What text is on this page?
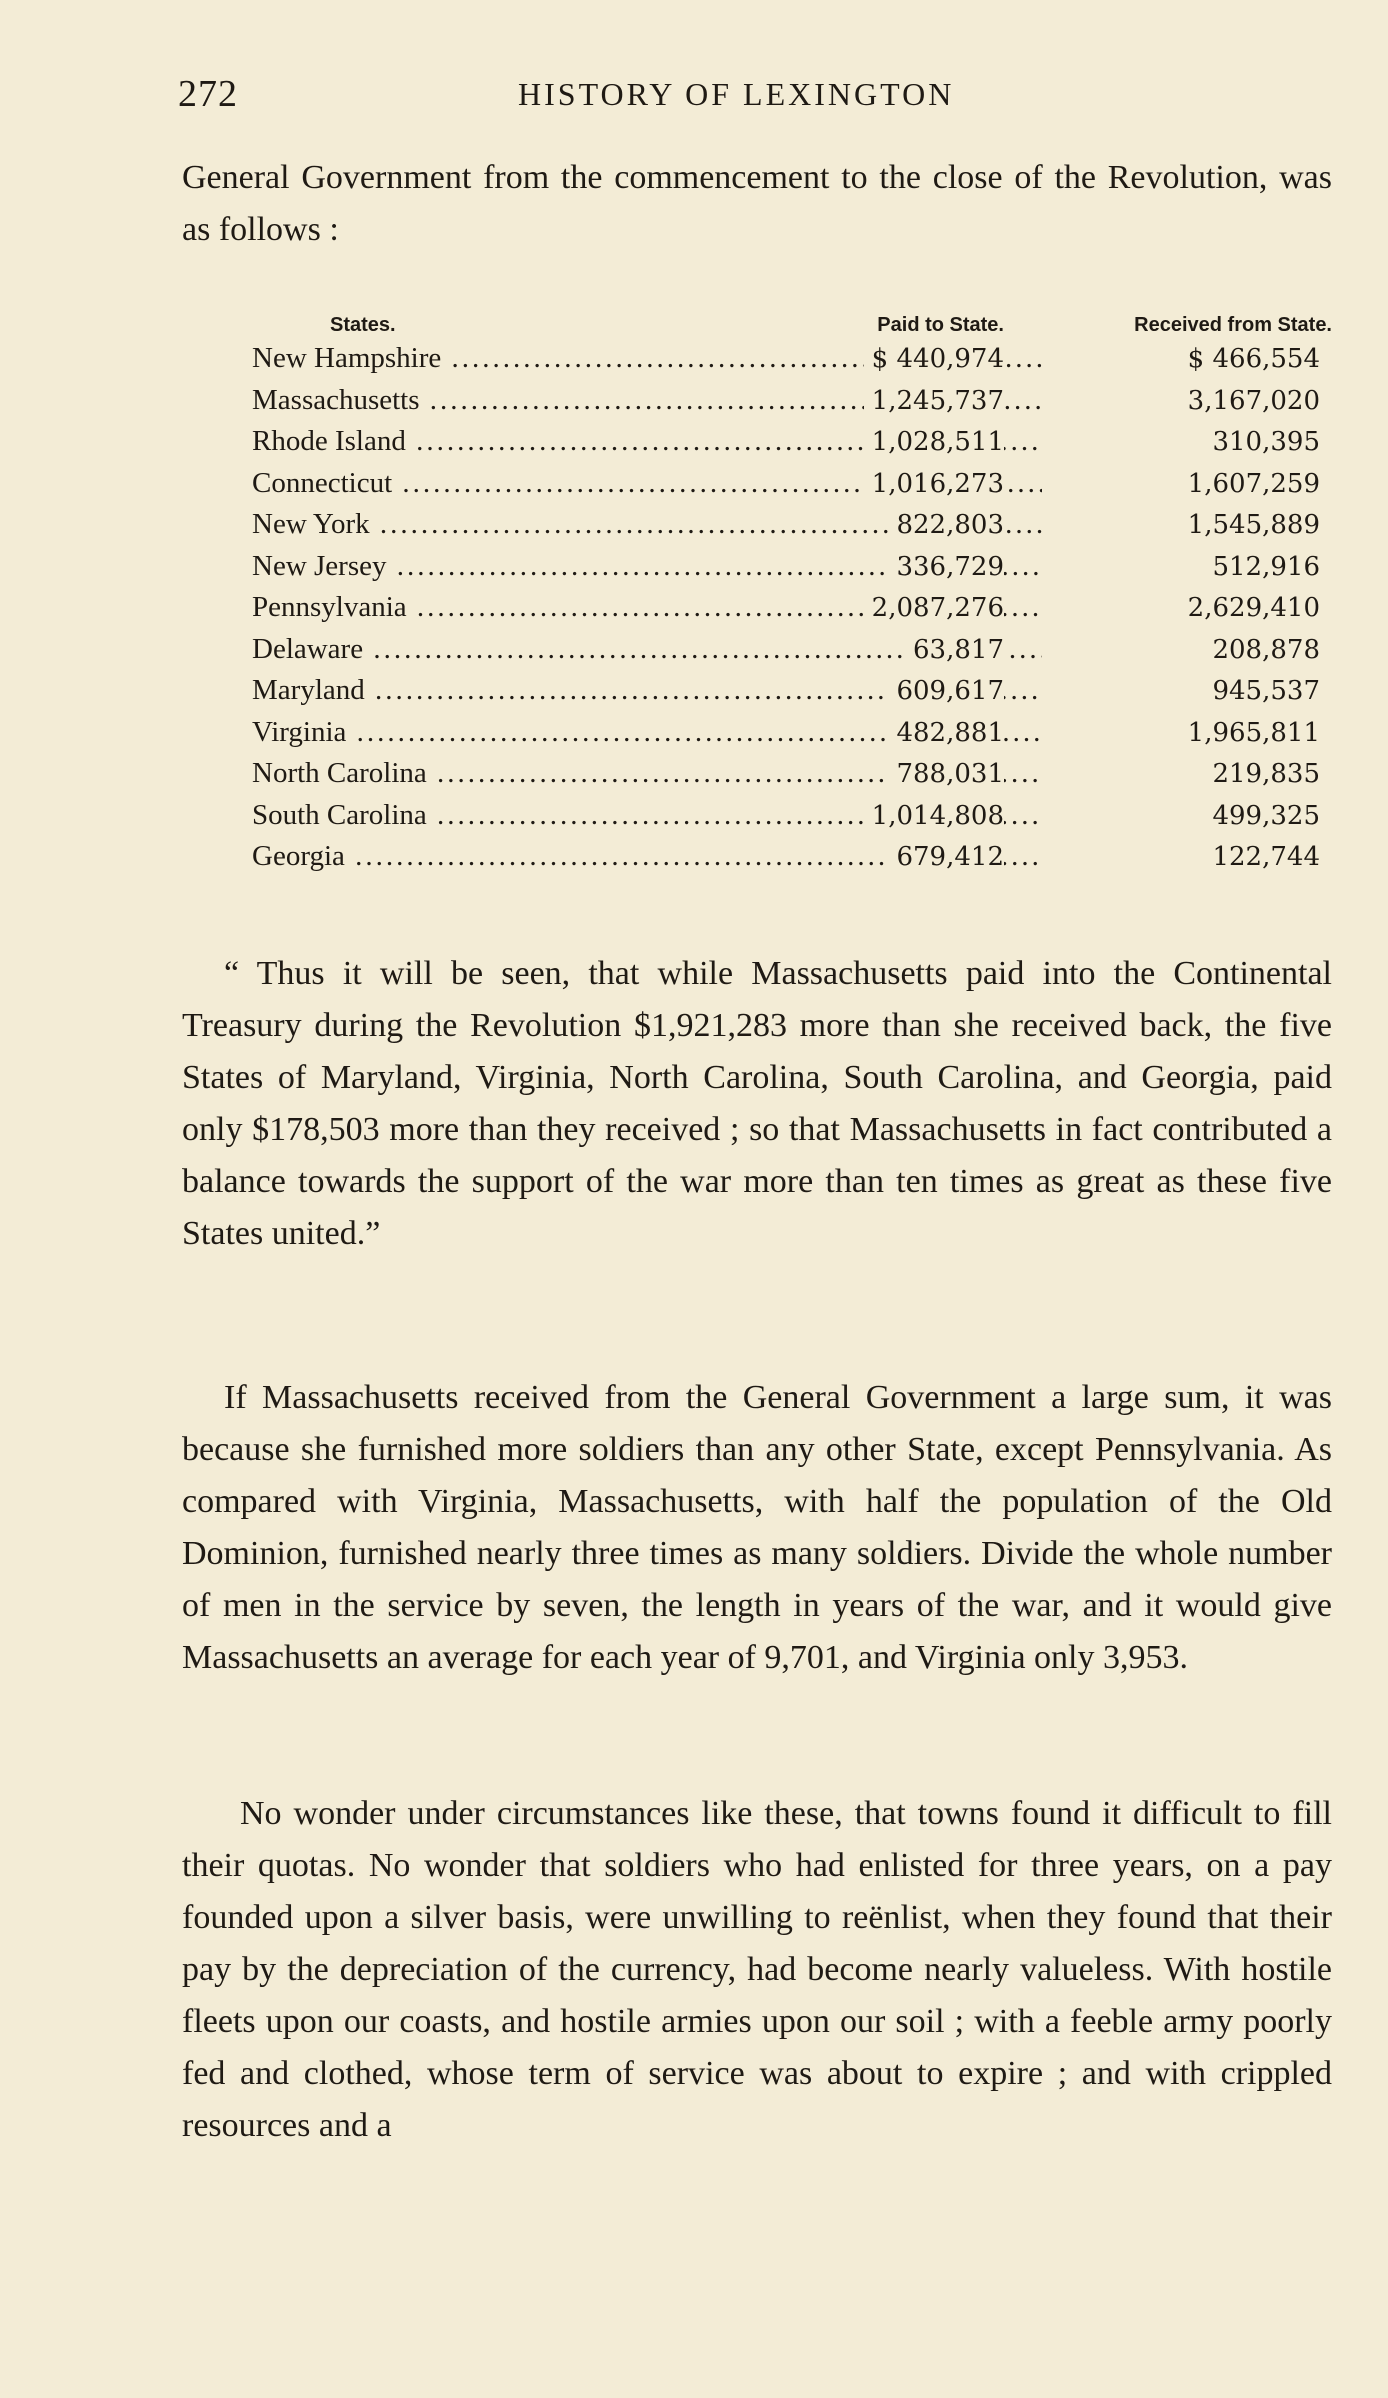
272	HISTORY OF LEXINGTON

General Government from the commencement to the close of the Revolution, was as follows :

States.	Paid to State.	Received from State.
New Hampshire .....	$ 440,974	$ 466,554
Massachusetts .....	1,245,737	3,167,020
Rhode Island .....	1,028,511	310,395
Connecticut .....	1,016,273	1,607,259
New York .....	822,803	1,545,889
New Jersey .....	336,729	512,916
Pennsylvania .....	2,087,276	2,629,410
Delaware .....	63,817	208,878
Maryland .....	609,617	945,537
Virginia .....	482,881	1,965,811
North Carolina .....	788,031	219,835
South Carolina .....	1,014,808	499,325
Georgia .....	679,412	122,744

“ Thus it will be seen, that while Massachusetts paid into the Continental Treasury during the Revolution $1,921,283 more than she received back, the five States of Maryland, Virginia, North Carolina, South Carolina, and Georgia, paid only $178,503 more than they received ; so that Massachusetts in fact contributed a balance towards the support of the war more than ten times as great as these five States united.”

If Massachusetts received from the General Government a large sum, it was because she furnished more soldiers than any other State, except Pennsylvania. As compared with Virginia, Massachusetts, with half the population of the Old Dominion, furnished nearly three times as many soldiers. Divide the whole number of men in the service by seven, the length in years of the war, and it would give Massachusetts an average for each year of 9,701, and Virginia only 3,953.

No wonder under circumstances like these, that towns found it difficult to fill their quotas. No wonder that soldiers who had enlisted for three years, on a pay founded upon a silver basis, were unwilling to reënlist, when they found that their pay by the depreciation of the currency, had become nearly valueless. With hostile fleets upon our coasts, and hostile armies upon our soil ; with a feeble army poorly fed and clothed, whose term of service was about to expire ; and with crippled resources and a
